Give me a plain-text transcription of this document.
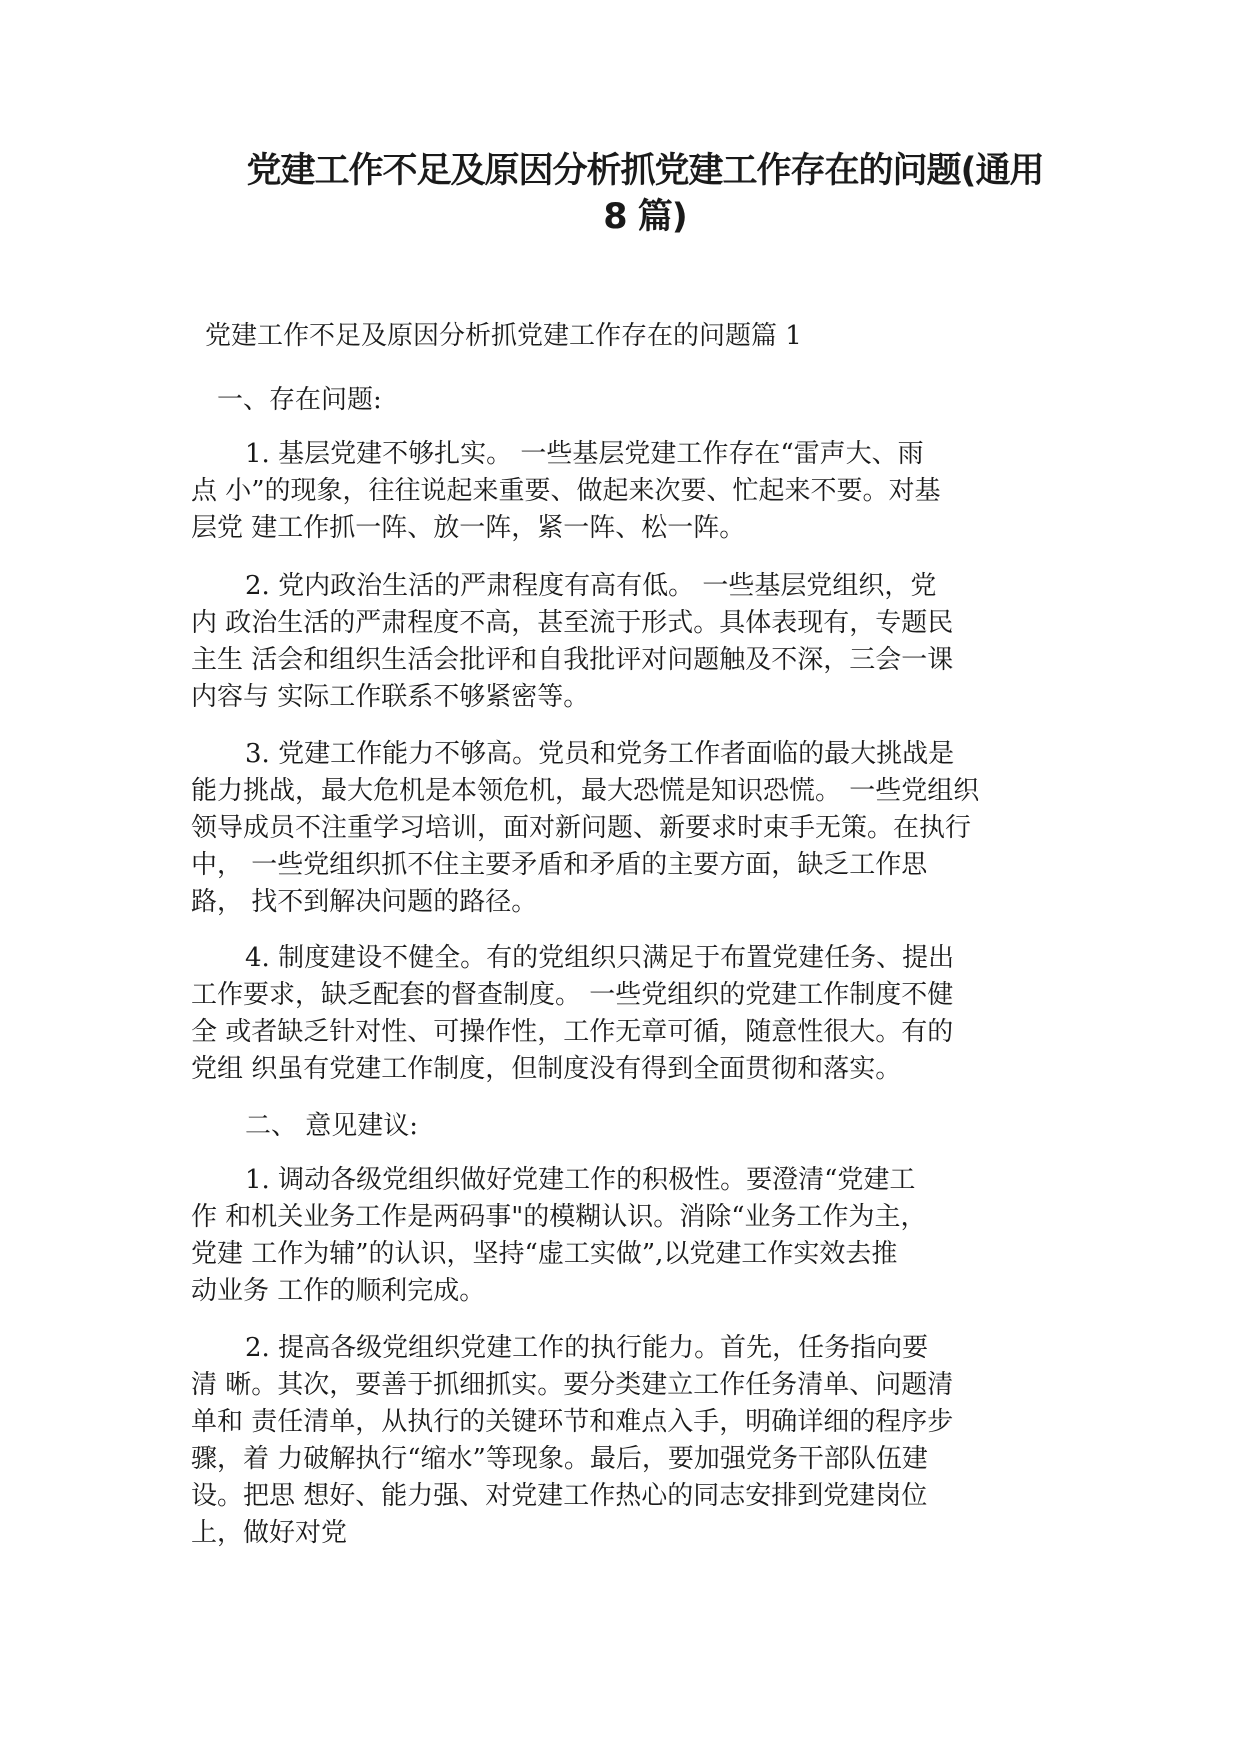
党建工作不足及原因分析抓党建工作存在的问题(通用
8 篇)

党建工作不足及原因分析抓党建工作存在的问题篇 1

一、存在问题:

1. 基层党建不够扎实。 一些基层党建工作存在“雷声大、雨
点 小”的现象，往往说起来重要、做起来次要、忙起来不要。对基
层党 建工作抓一阵、放一阵，紧一阵、松一阵。

2. 党内政治生活的严肃程度有高有低。 一些基层党组织，党
内 政治生活的严肃程度不高，甚至流于形式。具体表现有，专题民
主生 活会和组织生活会批评和自我批评对问题触及不深，三会一课
内容与 实际工作联系不够紧密等。

3. 党建工作能力不够高。党员和党务工作者面临的最大挑战是
能力挑战，最大危机是本领危机，最大恐慌是知识恐慌。 一些党组织
领导成员不注重学习培训，面对新问题、新要求时束手无策。在执行
中， 一些党组织抓不住主要矛盾和矛盾的主要方面，缺乏工作思
路， 找不到解决问题的路径。

4. 制度建设不健全。有的党组织只满足于布置党建任务、提出
工作要求，缺乏配套的督查制度。 一些党组织的党建工作制度不健
全 或者缺乏针对性、可操作性，工作无章可循，随意性很大。有的
党组 织虽有党建工作制度，但制度没有得到全面贯彻和落实。

二、 意见建议:

1. 调动各级党组织做好党建工作的积极性。要澄清“党建工
作 和机关业务工作是两码事"的模糊认识。消除“业务工作为主，
党建 工作为辅”的认识，坚持“虚工实做”,以党建工作实效去推
动业务 工作的顺利完成。

2. 提高各级党组织党建工作的执行能力。首先，任务指向要
清 晰。其次，要善于抓细抓实。要分类建立工作任务清单、问题清
单和 责任清单，从执行的关键环节和难点入手，明确详细的程序步
骤，着 力破解执行“缩水”等现象。最后，要加强党务干部队伍建
设。把思 想好、能力强、对党建工作热心的同志安排到党建岗位
上，做好对党
